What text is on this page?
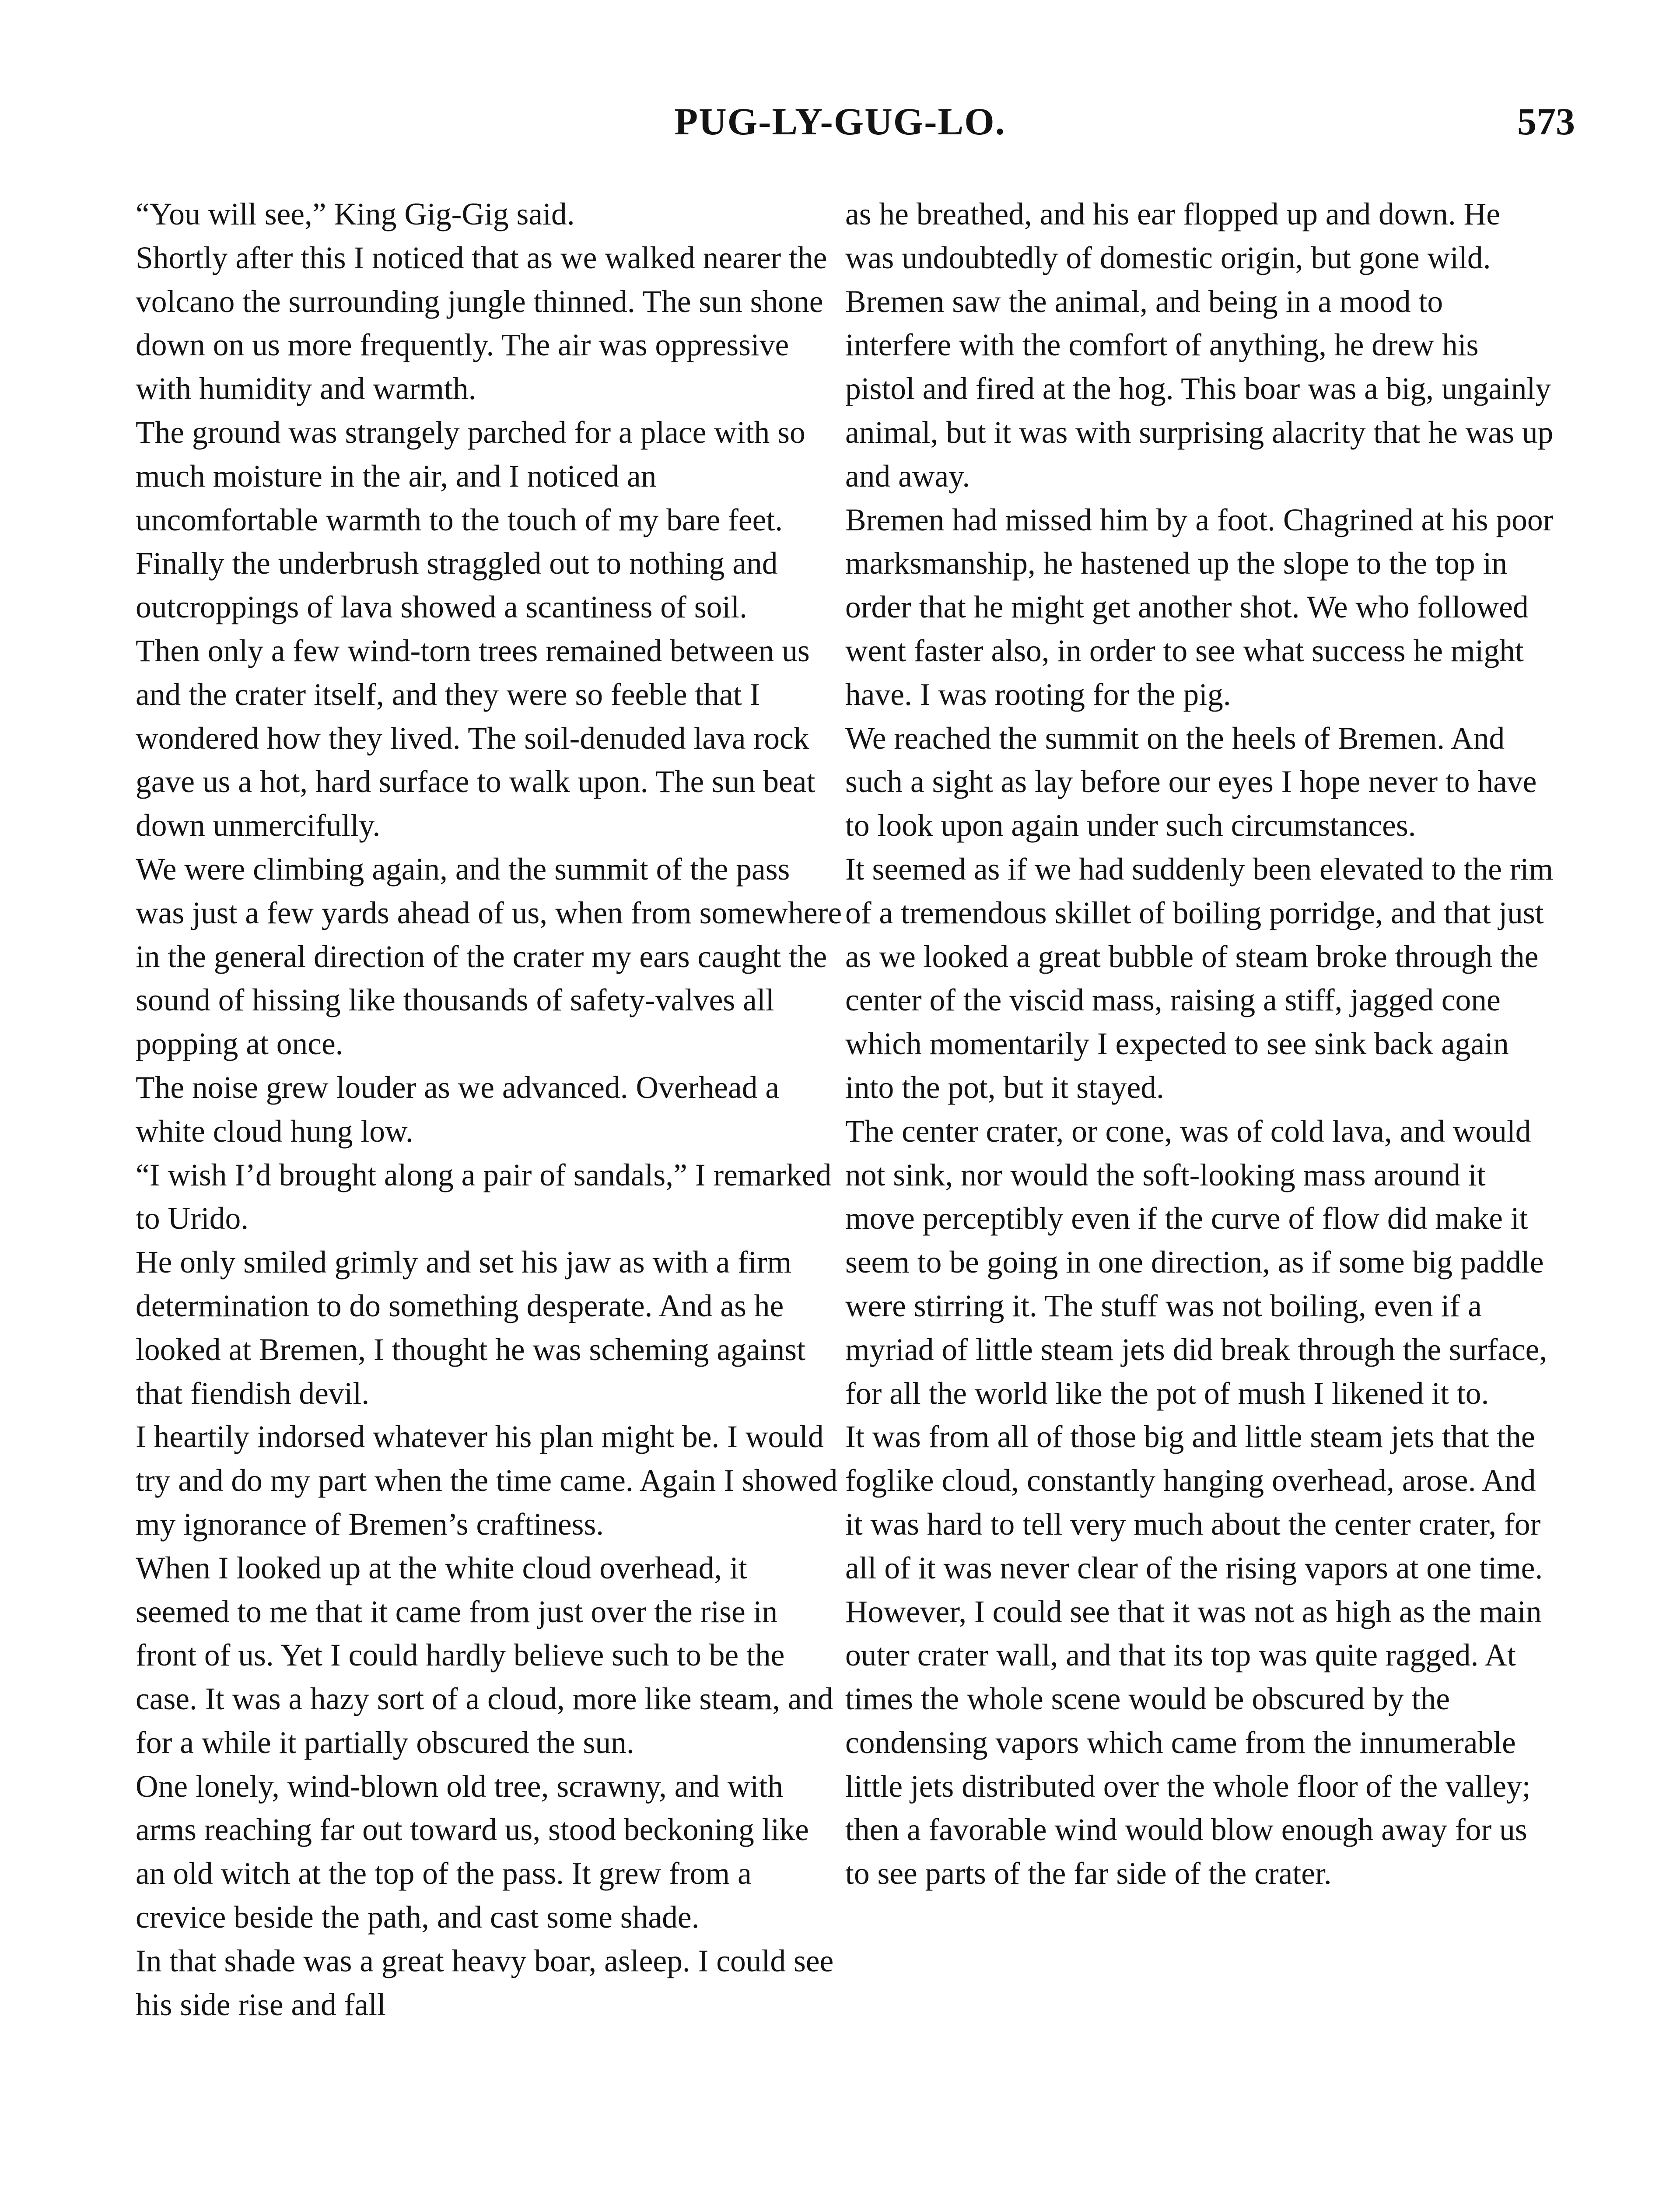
PUG-LY-GUG-LO.	573

“You will see,” King Gig-Gig said.

Shortly after this I noticed that as we walked nearer the volcano the surrounding jungle thinned. The sun shone down on us more frequently. The air was oppressive with humidity and warmth.

The ground was strangely parched for a place with so much moisture in the air, and I noticed an uncomfortable warmth to the touch of my bare feet. Finally the underbrush straggled out to nothing and outcroppings of lava showed a scantiness of soil.

Then only a few wind-torn trees remained between us and the crater itself, and they were so feeble that I wondered how they lived. The soil-denuded lava rock gave us a hot, hard surface to walk upon. The sun beat down unmercifully.

We were climbing again, and the summit of the pass was just a few yards ahead of us, when from somewhere in the general direction of the crater my ears caught the sound of hissing like thousands of safety-valves all popping at once.

The noise grew louder as we advanced. Overhead a white cloud hung low.

“I wish I’d brought along a pair of sandals,” I remarked to Urido.

He only smiled grimly and set his jaw as with a firm determination to do something desperate. And as he looked at Bremen, I thought he was scheming against that fiendish devil.

I heartily indorsed whatever his plan might be. I would try and do my part when the time came. Again I showed my ignorance of Bremen’s craftiness.

When I looked up at the white cloud overhead, it seemed to me that it came from just over the rise in front of us. Yet I could hardly believe such to be the case. It was a hazy sort of a cloud, more like steam, and for a while it partially obscured the sun.

One lonely, wind-blown old tree, scrawny, and with arms reaching far out toward us, stood beckoning like an old witch at the top of the pass. It grew from a crevice beside the path, and cast some shade.

In that shade was a great heavy boar, asleep. I could see his side rise and fall

as he breathed, and his ear flopped up and down. He was undoubtedly of domestic origin, but gone wild.

Bremen saw the animal, and being in a mood to interfere with the comfort of anything, he drew his pistol and fired at the hog. This boar was a big, ungainly animal, but it was with surprising alacrity that he was up and away.

Bremen had missed him by a foot. Chagrined at his poor marksmanship, he hastened up the slope to the top in order that he might get another shot. We who followed went faster also, in order to see what success he might have. I was rooting for the pig.

We reached the summit on the heels of Bremen. And such a sight as lay before our eyes I hope never to have to look upon again under such circumstances.

It seemed as if we had suddenly been elevated to the rim of a tremendous skillet of boiling porridge, and that just as we looked a great bubble of steam broke through the center of the viscid mass, raising a stiff, jagged cone which momentarily I expected to see sink back again into the pot, but it stayed.

The center crater, or cone, was of cold lava, and would not sink, nor would the soft-looking mass around it move perceptibly even if the curve of flow did make it seem to be going in one direction, as if some big paddle were stirring it. The stuff was not boiling, even if a myriad of little steam jets did break through the surface, for all the world like the pot of mush I likened it to.

It was from all of those big and little steam jets that the foglike cloud, constantly hanging overhead, arose. And it was hard to tell very much about the center crater, for all of it was never clear of the rising vapors at one time.

However, I could see that it was not as high as the main outer crater wall, and that its top was quite ragged. At times the whole scene would be obscured by the condensing vapors which came from the innumerable little jets distributed over the whole floor of the valley; then a favorable wind would blow enough away for us to see parts of the far side of the crater.
